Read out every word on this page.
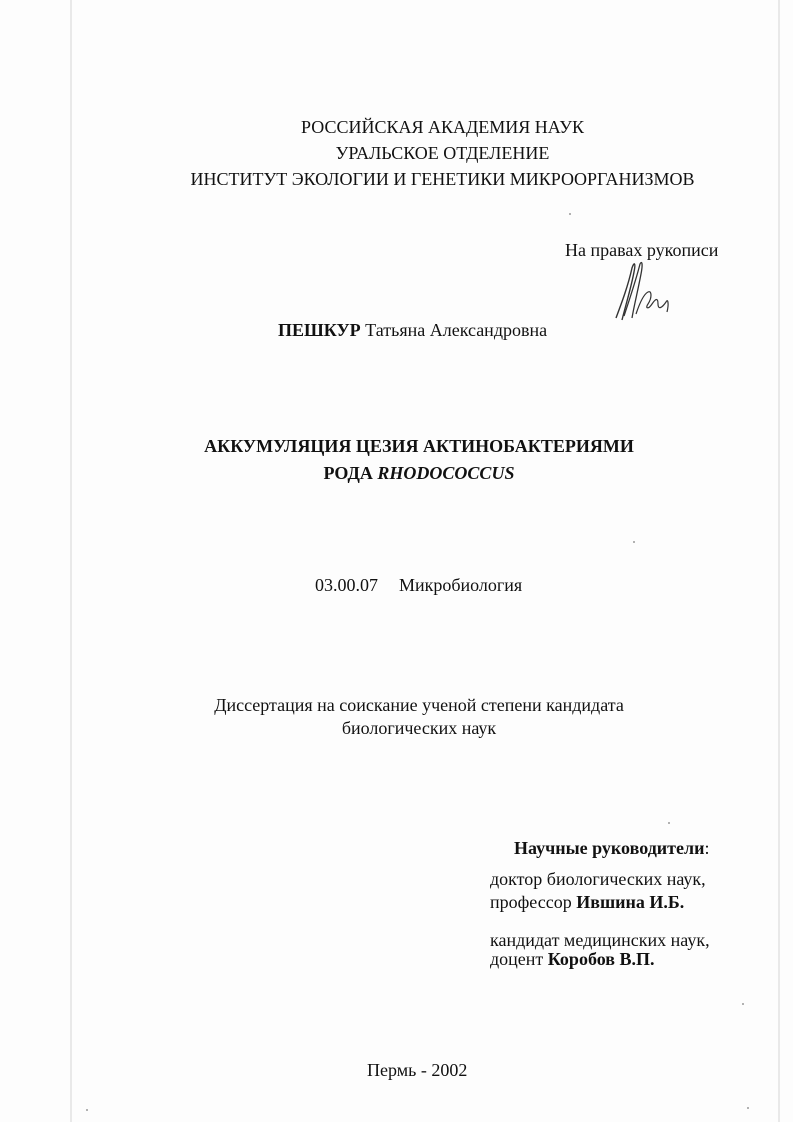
РОССИЙСКАЯ АКАДЕМИЯ НАУК
УРАЛЬСКОЕ ОТДЕЛЕНИЕ
ИНСТИТУТ ЭКОЛОГИИ И ГЕНЕТИКИ МИКРООРГАНИЗМОВ
На правах рукописи
ПЕШКУР Татьяна Александровна
АККУМУЛЯЦИЯ ЦЕЗИЯ АКТИНОБАКТЕРИЯМИ
РОДА RHODOCOCCUS
03.00.07 Микробиология
Диссертация на соискание ученой степени кандидата
биологических наук
Научные руководители:
доктор биологических наук,
профессор Ившина И.Б.
кандидат медицинских наук,
доцент Коробов В.П.
Пермь - 2002
